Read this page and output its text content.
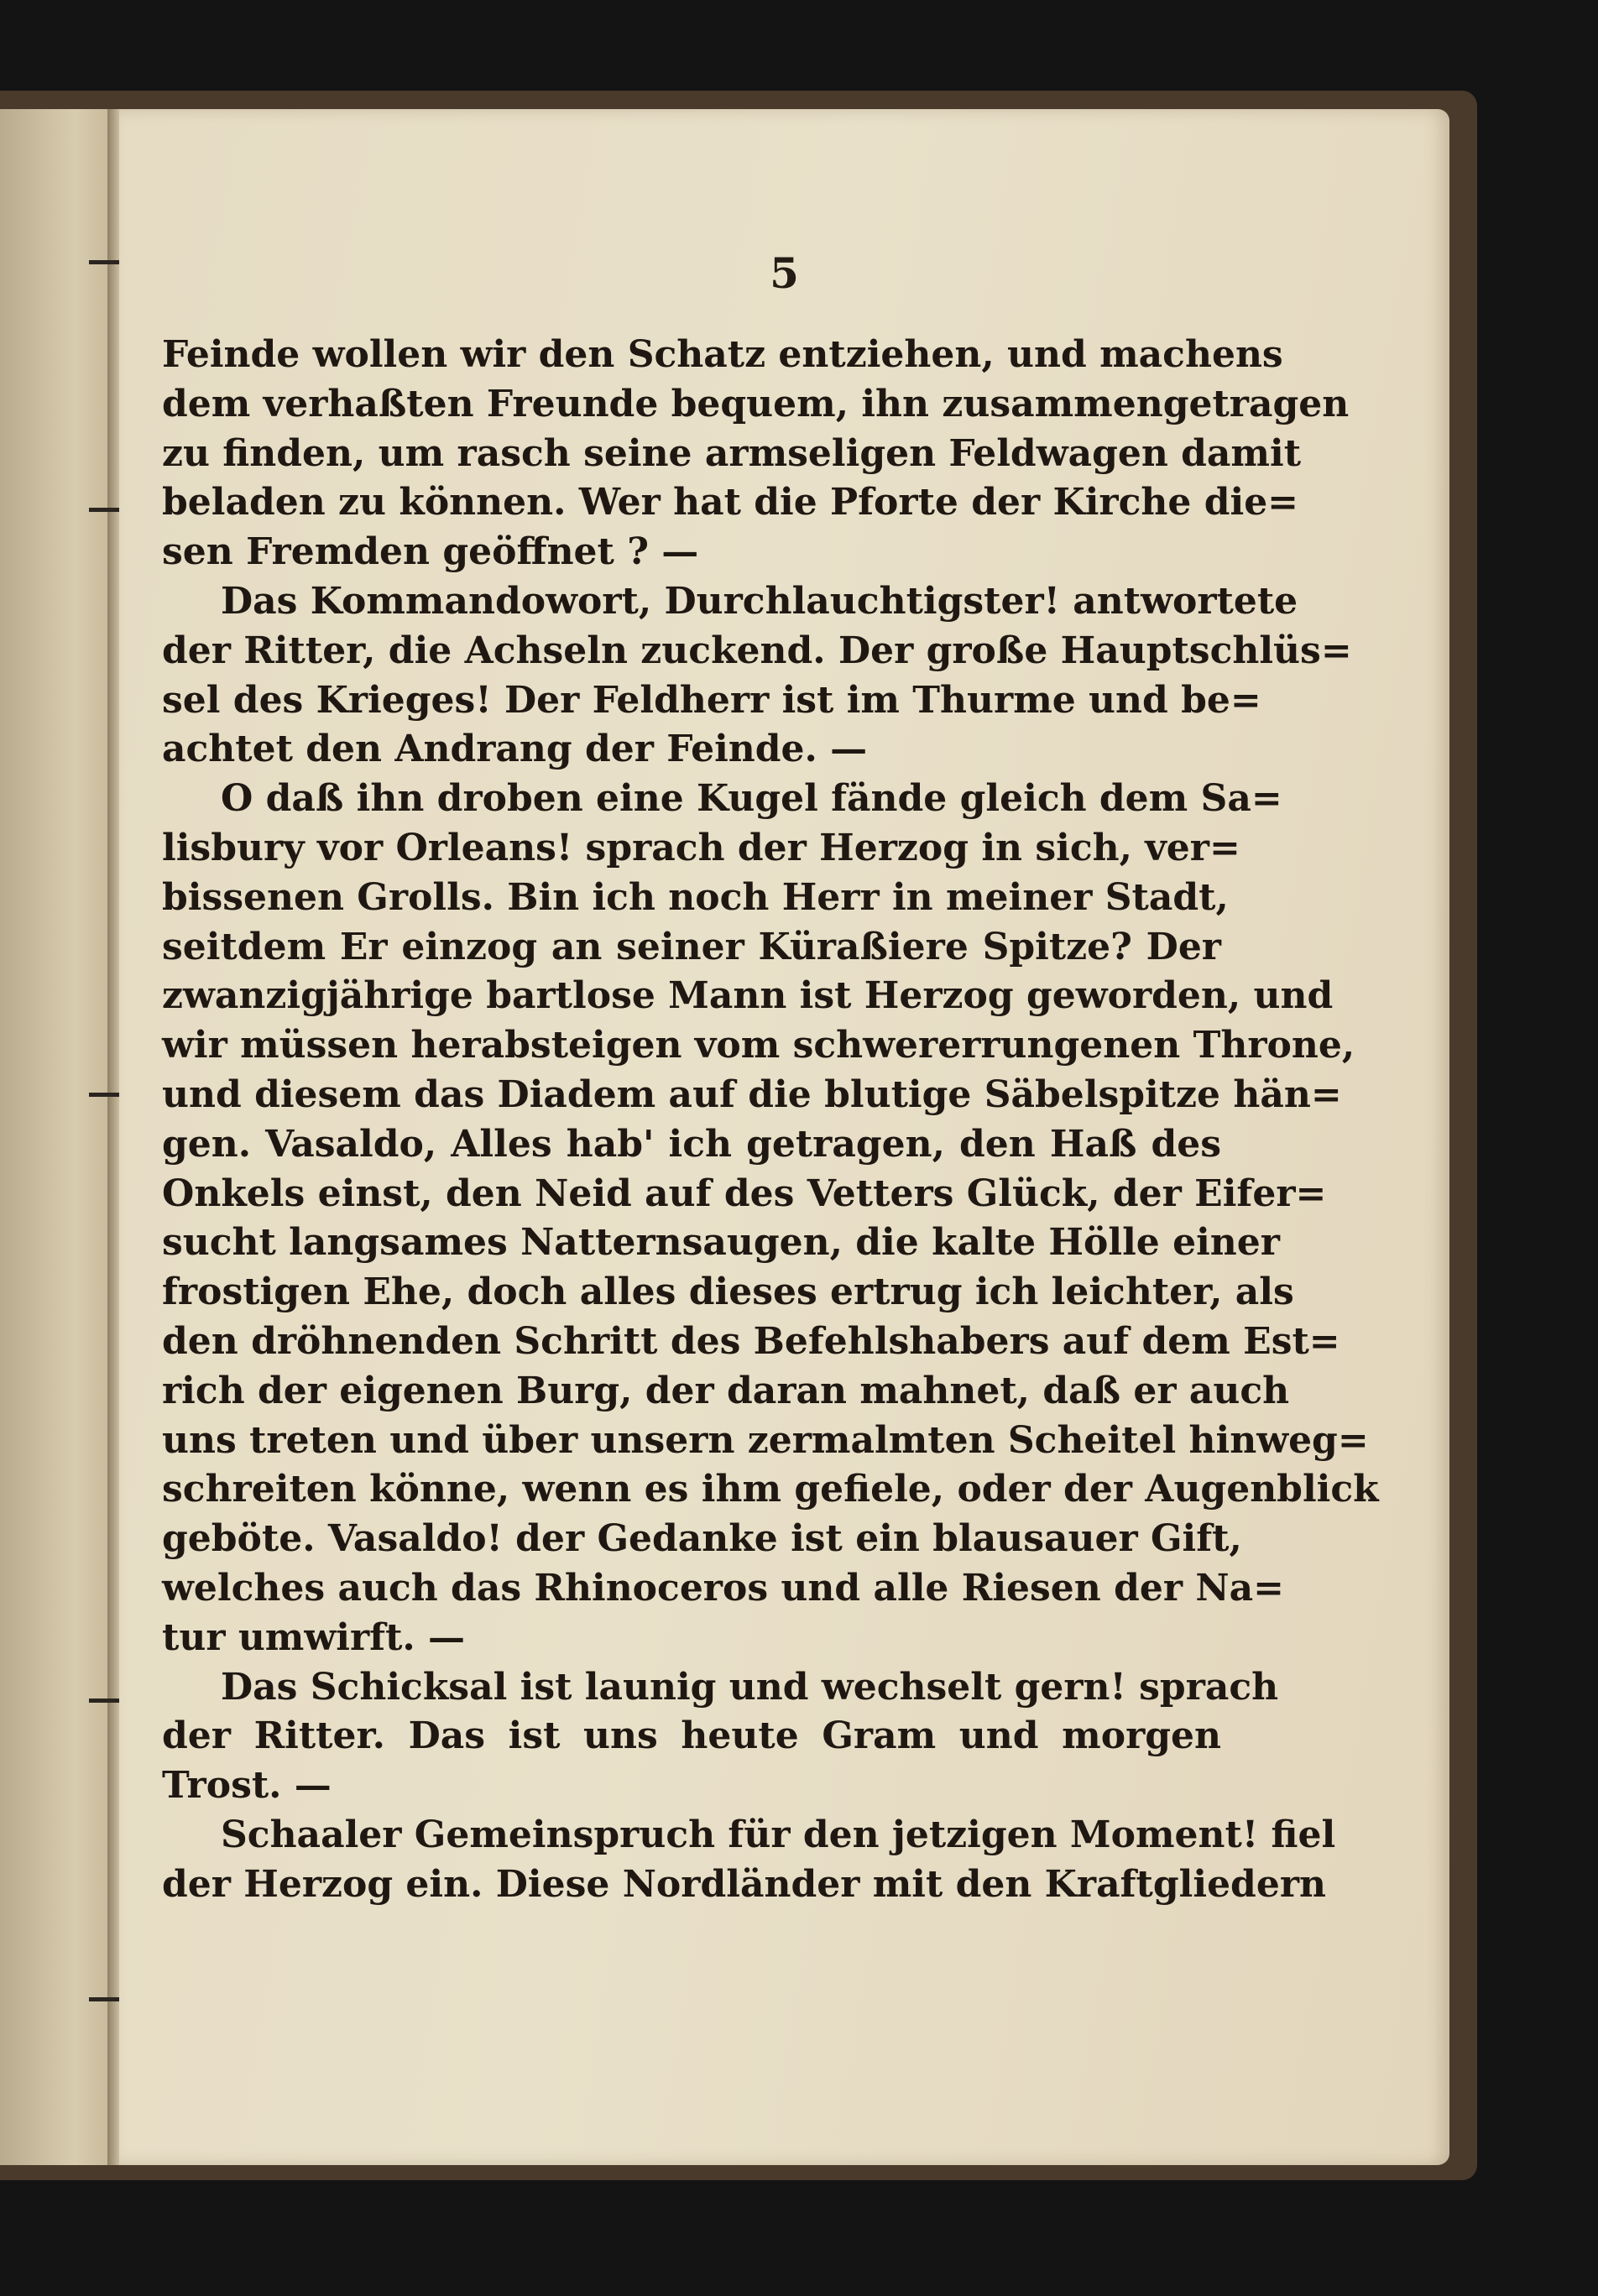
5
Feinde wollen wir den Schatz entziehen, und machens
dem verhaßten Freunde bequem, ihn zusammengetragen
zu finden, um rasch seine armseligen Feldwagen damit
beladen zu können. Wer hat die Pforte der Kirche die=
sen Fremden geöffnet ? —
Das Kommandowort, Durchlauchtigster! antwortete
der Ritter, die Achseln zuckend. Der große Hauptschlüs=
sel des Krieges! Der Feldherr ist im Thurme und be=
achtet den Andrang der Feinde. —
O daß ihn droben eine Kugel fände gleich dem Sa=
lisbury vor Orleans! sprach der Herzog in sich, ver=
bissenen Grolls. Bin ich noch Herr in meiner Stadt,
seitdem Er einzog an seiner Küraßiere Spitze? Der
zwanzigjährige bartlose Mann ist Herzog geworden, und
wir müssen herabsteigen vom schwererrungenen Throne,
und diesem das Diadem auf die blutige Säbelspitze hän=
gen. Vasaldo, Alles hab' ich getragen, den Haß des
Onkels einst, den Neid auf des Vetters Glück, der Eifer=
sucht langsames Natternsaugen, die kalte Hölle einer
frostigen Ehe, doch alles dieses ertrug ich leichter, als
den dröhnenden Schritt des Befehlshabers auf dem Est=
rich der eigenen Burg, der daran mahnet, daß er auch
uns treten und über unsern zermalmten Scheitel hinweg=
schreiten könne, wenn es ihm gefiele, oder der Augenblick
geböte. Vasaldo! der Gedanke ist ein blausauer Gift,
welches auch das Rhinoceros und alle Riesen der Na=
tur umwirft. —
Das Schicksal ist launig und wechselt gern! sprach
der Ritter. Das ist uns heute Gram und morgen
Trost. —
Schaaler Gemeinspruch für den jetzigen Moment! fiel
der Herzog ein. Diese Nordländer mit den Kraftgliedern
